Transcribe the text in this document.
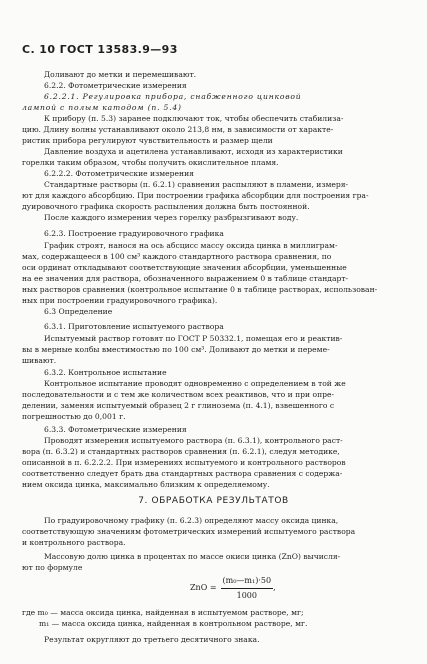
С. 10 ГОСТ 13583.9—93
Доливают до метки и перемешивают.
6.2.2. Фотометрические измерения
6.2.2.1. Регулировка прибора, снабженного цинковой
лампой с полым катодом (п. 5.4)
К прибору (п. 5.3) заранее подключают ток, чтобы обеспечить стабилиза-
цию. Длину волны устанавливают около 213,8 нм, в зависимости от характе-
ристик прибора регулируют чувствительность и размер щели
Давление воздуха и ацетилена устанавливают, исходя из характеристики
горелки таким образом, чтобы получить окислительное пламя.
6.2.2.2. Фотометрические измерения
Стандартные растворы (п. 6.2.1) сравнения распыляют в пламени, измеря-
ют для каждого абсорбцию. При построении графика абсорбции для построения гра-
дуировочного графика скорость распыления должна быть постоянной.
После каждого измерения через горелку разбрызгивают воду.
6.2.3. Построение градуировочного графика
График строят, нанося на ось абсцисс массу оксида цинка в миллиграм-
мах, содержащееся в 100 см³ каждого стандартного раствора сравнения, по
оси ординат откладывают соответствующие значения абсорбции, уменьшенные
на ее значения для раствора, обозначенного выражением 0 в таблице стандарт-
ных растворов сравнения (контрольное испытание 0 в таблице растворах, использован-
ных при построении градуировочного графика).
6.3 Определение
6.3.1. Приготовление испытуемого раствора
Испытуемый раствор готовят по ГОСТ Р 50332.1, помещая его и реактив-
вы в мерные колбы вместимостью по 100 см³. Доливают до метки и переме-
шивают.
6.3.2. Контрольное испытание
Контрольное испытание проводят одновременно с определением в той же
последовательности и с тем же количеством всех реактивов, что и при опре-
делении, заменяя испытуемый образец 2 г глинозема (п. 4.1), взвешенного с
погрешностью до 0,001 г.
6.3.3. Фотометрические измерения
Проводят измерения испытуемого раствора (п. 6.3.1), контрольного раст-
вора (п. 6.3.2) и стандартных растворов сравнения (п. 6.2.1), следуя методике,
описанной в п. 6.2.2.2. При измерениях испытуемого и контрольного растворов
соответственно следует брать два стандартных раствора сравнения с содержа-
нием оксида цинка, максимально близким к определяемому.
7. ОБРАБОТКА РЕЗУЛЬТАТОВ
По градуировочному графику (п. 6.2.3) определяют массу оксида цинка,
соответствующую значениям фотометрических измерений испытуемого раствора
и контрольного раствора.
Массовую долю цинка в процентах по массе окиси цинка (ZnO) вычисля-
ют по формуле
ZnO = $\frac{\text{(m₀—m₁)·50}}{1000}$ ,
где m₀ — масса оксида цинка, найденная в испытуемом растворе, мг;
m₁ — масса оксида цинка, найденная в контрольном растворе, мг.
Результат округляют до третьего десятичного знака.
